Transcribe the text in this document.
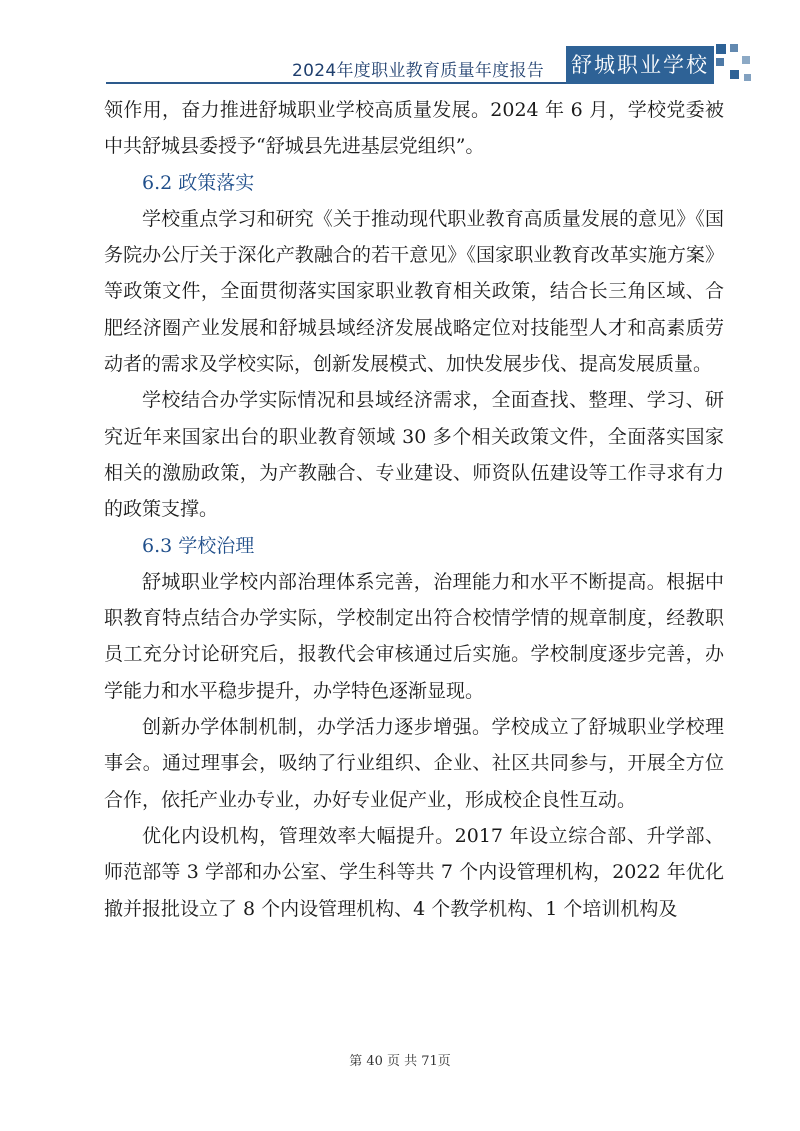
2024年度职业教育质量年度报告	舒城职业学校

领作用，奋力推进舒城职业学校高质量发展。2024 年 6 月，学校党委被中共舒城县委授予“舒城县先进基层党组织”。

6.2 政策落实

学校重点学习和研究《关于推动现代职业教育高质量发展的意见》《国务院办公厅关于深化产教融合的若干意见》《国家职业教育改革实施方案》等政策文件，全面贯彻落实国家职业教育相关政策，结合长三角区域、合肥经济圈产业发展和舒城县域经济发展战略定位对技能型人才和高素质劳动者的需求及学校实际，创新发展模式、加快发展步伐、提高发展质量。

学校结合办学实际情况和县域经济需求，全面查找、整理、学习、研究近年来国家出台的职业教育领域 30 多个相关政策文件，全面落实国家相关的激励政策，为产教融合、专业建设、师资队伍建设等工作寻求有力的政策支撑。

6.3 学校治理

舒城职业学校内部治理体系完善，治理能力和水平不断提高。根据中职教育特点结合办学实际，学校制定出符合校情学情的规章制度，经教职员工充分讨论研究后，报教代会审核通过后实施。学校制度逐步完善，办学能力和水平稳步提升，办学特色逐渐显现。

创新办学体制机制，办学活力逐步增强。学校成立了舒城职业学校理事会。通过理事会，吸纳了行业组织、企业、社区共同参与，开展全方位合作，依托产业办专业，办好专业促产业，形成校企良性互动。

优化内设机构，管理效率大幅提升。2017 年设立综合部、升学部、师范部等 3 学部和办公室、学生科等共 7 个内设管理机构，2022 年优化撤并报批设立了 8 个内设管理机构、4 个教学机构、1 个培训机构及

第 40 页 共 71页
